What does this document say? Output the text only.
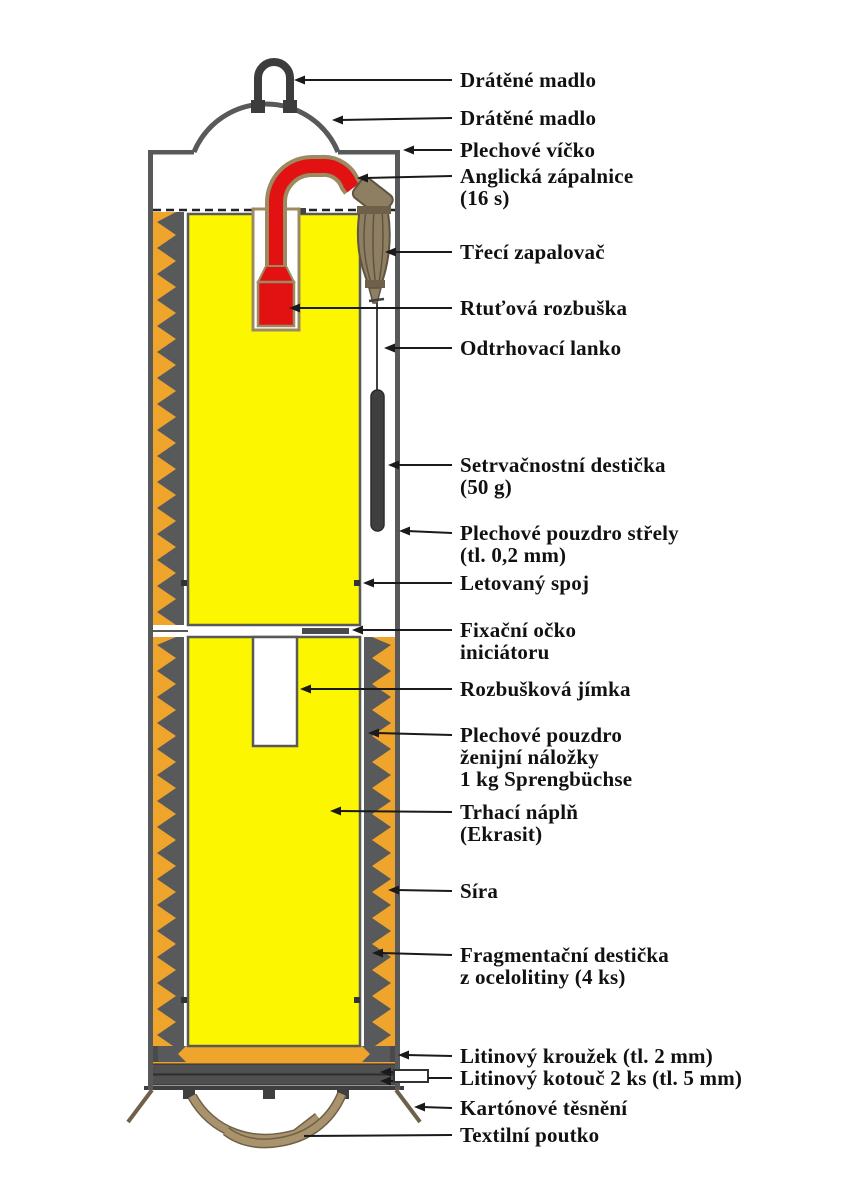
Drátěné madlo
Drátěné madlo
Plechové víčko
Anglická zápalnice
(16 s)
Třecí zapalovač
Rtuťová rozbuška
Odtrhovací lanko
Setrvačnostní destička
(50 g)
Plechové pouzdro střely
(tl. 0,2 mm)
Letovaný spoj
Fixační očko
iniciátoru
Rozbušková jímka
Plechové pouzdro
ženijní náložky
1 kg Sprengbüchse
Trhací náplň
(Ekrasit)
Síra
Fragmentační destička
z ocelolitiny (4 ks)
Litinový kroužek (tl. 2 mm)
Litinový kotouč 2 ks (tl. 5 mm)
Kartónové těsnění
Textilní poutko
